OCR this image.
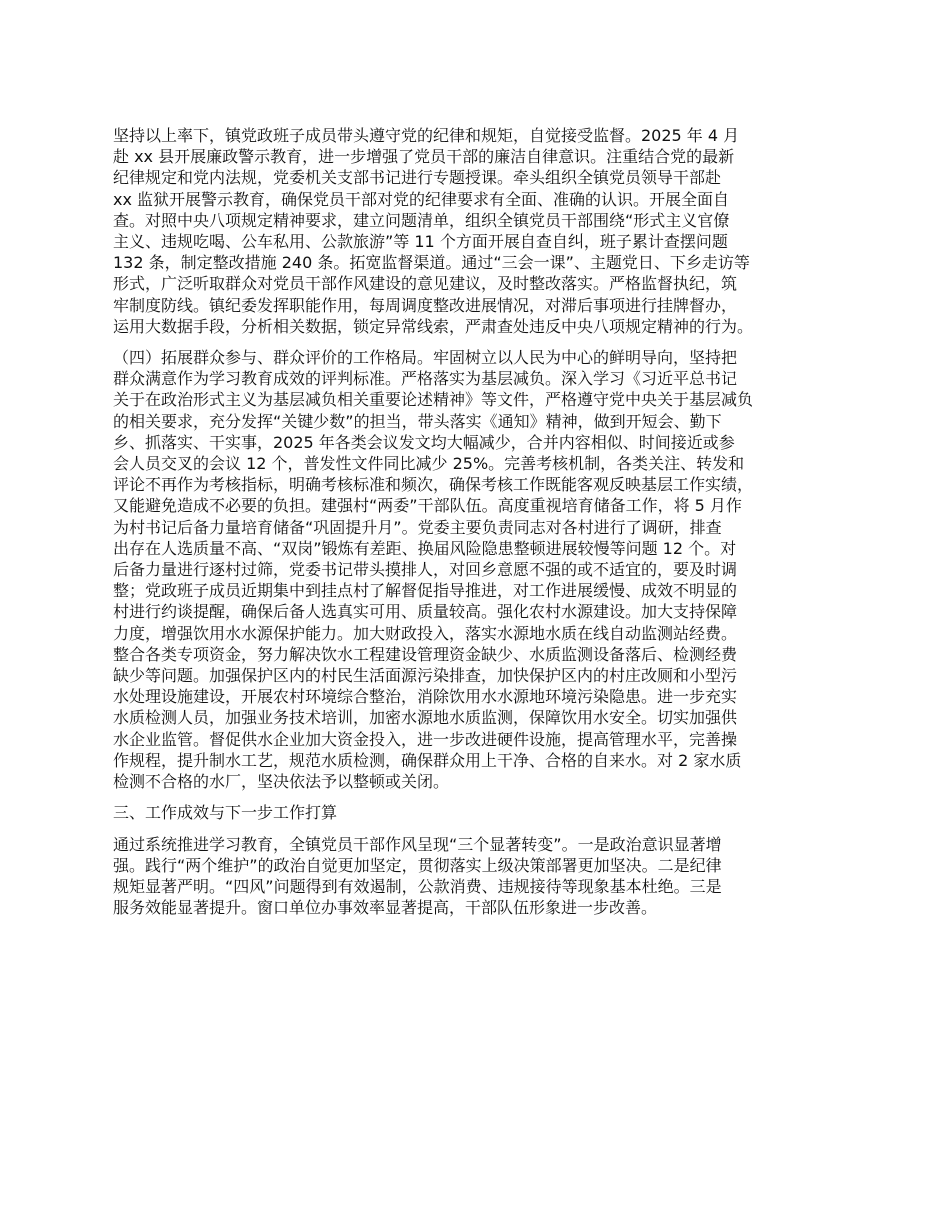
坚持以上率下，镇党政班子成员带头遵守党的纪律和规矩，自觉接受监督。2025 年 4 月
赴 xx 县开展廉政警示教育，进一步增强了党员干部的廉洁自律意识。注重结合党的最新
纪律规定和党内法规，党委机关支部书记进行专题授课。牵头组织全镇党员领导干部赴
xx 监狱开展警示教育，确保党员干部对党的纪律要求有全面、准确的认识。开展全面自
查。对照中央八项规定精神要求，建立问题清单，组织全镇党员干部围绕“形式主义官僚
主义、违规吃喝、公车私用、公款旅游”等 11 个方面开展自查自纠，班子累计查摆问题
132 条，制定整改措施 240 条。拓宽监督渠道。通过“三会一课”、主题党日、下乡走访等
形式，广泛听取群众对党员干部作风建设的意见建议，及时整改落实。严格监督执纪，筑
牢制度防线。镇纪委发挥职能作用，每周调度整改进展情况，对滞后事项进行挂牌督办，
运用大数据手段，分析相关数据，锁定异常线索，严肃查处违反中央八项规定精神的行为。
（四）拓展群众参与、群众评价的工作格局。牢固树立以人民为中心的鲜明导向，坚持把
群众满意作为学习教育成效的评判标准。严格落实为基层减负。深入学习《习近平总书记
关于在政治形式主义为基层减负相关重要论述精神》等文件，严格遵守党中央关于基层减负
的相关要求，充分发挥“关键少数”的担当，带头落实《通知》精神，做到开短会、勤下
乡、抓落实、干实事，2025 年各类会议发文均大幅减少，合并内容相似、时间接近或参
会人员交叉的会议 12 个，普发性文件同比减少 25%。完善考核机制，各类关注、转发和
评论不再作为考核指标，明确考核标准和频次，确保考核工作既能客观反映基层工作实绩，
又能避免造成不必要的负担。建强村“两委”干部队伍。高度重视培育储备工作，将 5 月作
为村书记后备力量培育储备“巩固提升月”。党委主要负责同志对各村进行了调研，排查
出存在人选质量不高、“双岗”锻炼有差距、换届风险隐患整顿进展较慢等问题 12 个。对
后备力量进行逐村过筛，党委书记带头摸排人，对回乡意愿不强的或不适宜的，要及时调
整；党政班子成员近期集中到挂点村了解督促指导推进，对工作进展缓慢、成效不明显的
村进行约谈提醒，确保后备人选真实可用、质量较高。强化农村水源建设。加大支持保障
力度，增强饮用水水源保护能力。加大财政投入，落实水源地水质在线自动监测站经费。
整合各类专项资金，努力解决饮水工程建设管理资金缺少、水质监测设备落后、检测经费
缺少等问题。加强保护区内的村民生活面源污染排查，加快保护区内的村庄改厕和小型污
水处理设施建设，开展农村环境综合整治，消除饮用水水源地环境污染隐患。进一步充实
水质检测人员，加强业务技术培训，加密水源地水质监测，保障饮用水安全。切实加强供
水企业监管。督促供水企业加大资金投入，进一步改进硬件设施，提高管理水平，完善操
作规程，提升制水工艺，规范水质检测，确保群众用上干净、合格的自来水。对 2 家水质
检测不合格的水厂，坚决依法予以整顿或关闭。
三、工作成效与下一步工作打算
通过系统推进学习教育，全镇党员干部作风呈现“三个显著转变”。一是政治意识显著增
强。践行“两个维护”的政治自觉更加坚定，贯彻落实上级决策部署更加坚决。二是纪律
规矩显著严明。“四风”问题得到有效遏制，公款消费、违规接待等现象基本杜绝。三是
服务效能显著提升。窗口单位办事效率显著提高，干部队伍形象进一步改善。
